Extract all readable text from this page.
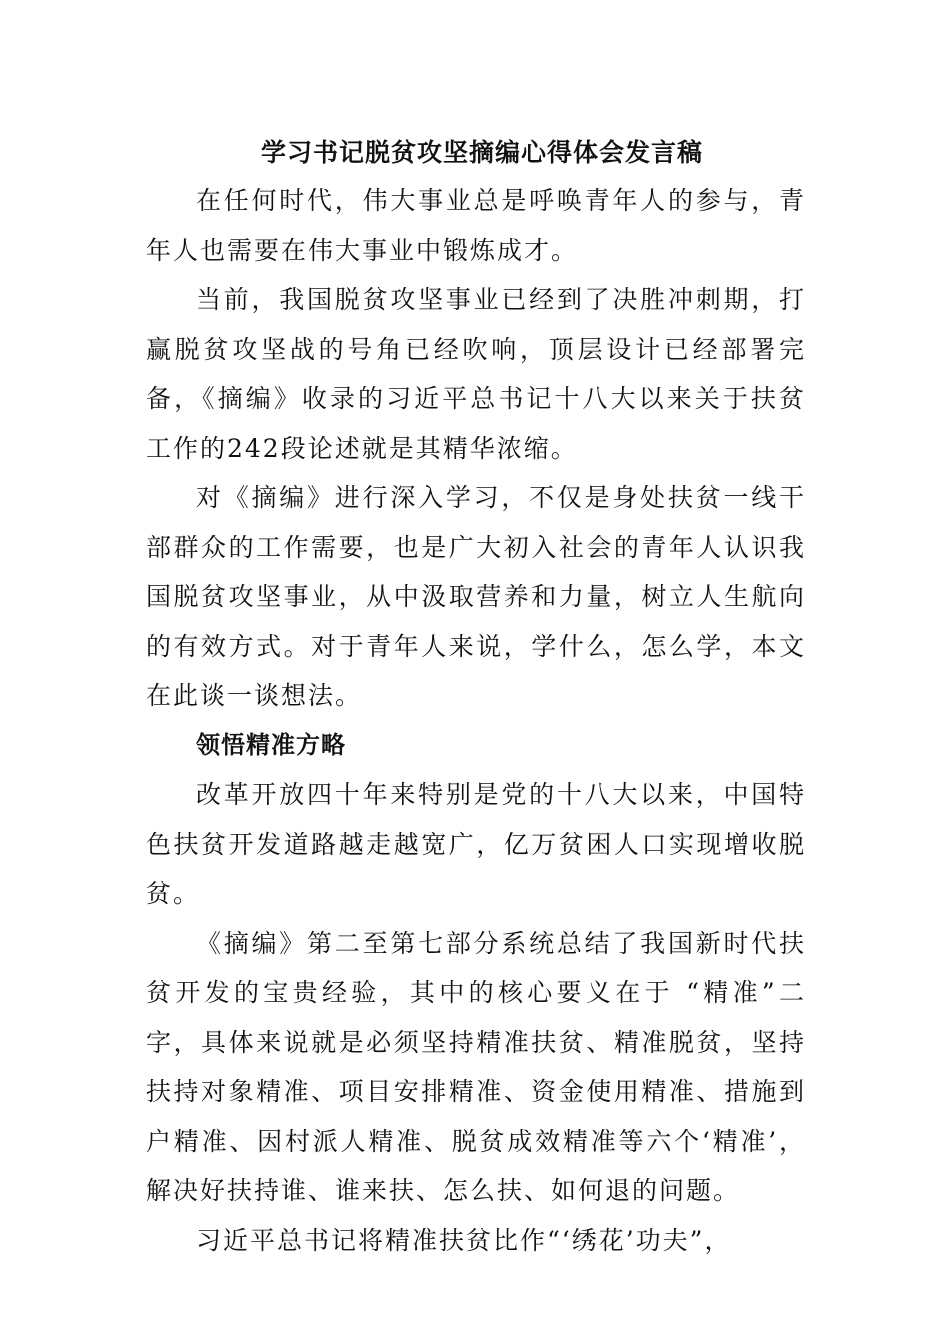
学习书记脱贫攻坚摘编心得体会发言稿

在任何时代，伟大事业总是呼唤青年人的参与，青年人也需要在伟大事业中锻炼成才。

当前，我国脱贫攻坚事业已经到了决胜冲刺期，打赢脱贫攻坚战的号角已经吹响，顶层设计已经部署完备，《摘编》收录的习近平总书记十八大以来关于扶贫工作的242段论述就是其精华浓缩。

对《摘编》进行深入学习，不仅是身处扶贫一线干部群众的工作需要，也是广大初入社会的青年人认识我国脱贫攻坚事业，从中汲取营养和力量，树立人生航向的有效方式。对于青年人来说，学什么，怎么学，本文在此谈一谈想法。

领悟精准方略

改革开放四十年来特别是党的十八大以来，中国特色扶贫开发道路越走越宽广，亿万贫困人口实现增收脱贫。

《摘编》第二至第七部分系统总结了我国新时代扶贫开发的宝贵经验，其中的核心要义在于 “精准”二字，具体来说就是必须坚持精准扶贫、精准脱贫，坚持扶持对象精准、项目安排精准、资金使用精准、措施到户精准、因村派人精准、脱贫成效精准等六个‘精准’，解决好扶持谁、谁来扶、怎么扶、如何退的问题。

习近平总书记将精准扶贫比作“‘绣花’功夫”，
